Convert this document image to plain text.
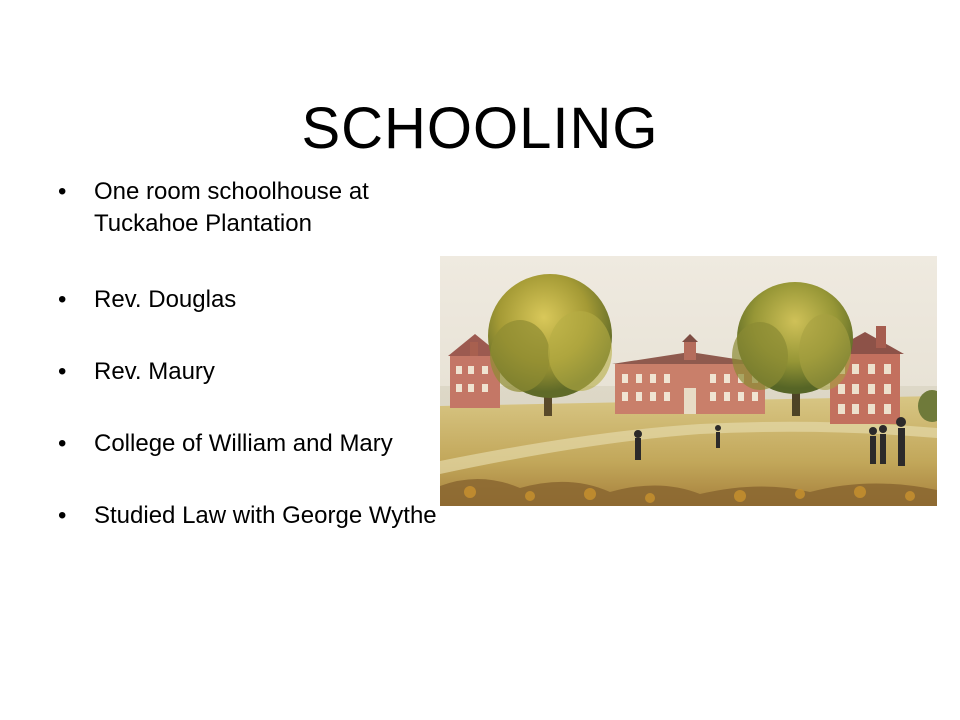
SCHOOLING
• One room schoolhouse at Tuckahoe Plantation
• Rev. Douglas
• Rev. Maury
• College of William and Mary
• Studied Law with George Wythe
